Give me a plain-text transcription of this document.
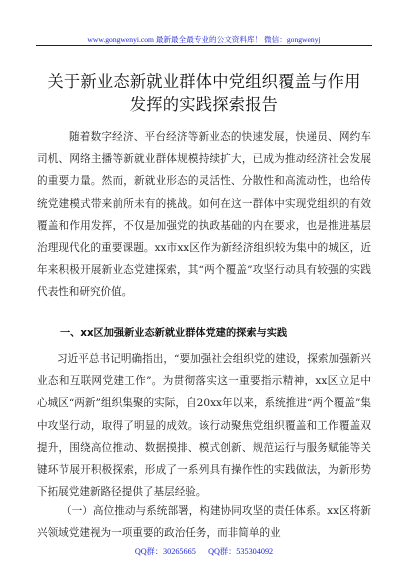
www.gongwenyi.com 最新最全最专业的公文资料库！ 微信：gongwenyj
关于新业态新就业群体中党组织覆盖与作用发挥的实践探索报告

随着数字经济、平台经济等新业态的快速发展，快递员、网约车司机、网络主播等新就业群体规模持续扩大，已成为推动经济社会发展的重要力量。然而，新就业形态的灵活性、分散性和高流动性，也给传统党建模式带来前所未有的挑战。如何在这一群体中实现党组织的有效覆盖和作用发挥，不仅是加强党的执政基础的内在要求，也是推进基层治理现代化的重要课题。xx市xx区作为新经济组织较为集中的城区，近年来积极开展新业态党建探索，其“两个覆盖”攻坚行动具有较强的实践代表性和研究价值。

一、xx区加强新业态新就业群体党建的探索与实践

习近平总书记明确指出，“要加强社会组织党的建设，探索加强新兴业态和互联网党建工作”。为贯彻落实这一重要指示精神，xx区立足中心城区“两新”组织集聚的实际，自20xx年以来，系统推进“两个覆盖”集中攻坚行动，取得了明显的成效。该行动聚焦党组织覆盖和工作覆盖双提升，围绕高位推动、数据摸排、模式创新、规范运行与服务赋能等关键环节展开积极探索，形成了一系列具有操作性的实践做法，为新形势下拓展党建新路径提供了基层经验。

（一）高位推动与系统部署，构建协同攻坚的责任体系。xx区将新兴领域党建视为一项重要的政治任务，而非简单的业

QQ群：30265665      QQ群：535304092
